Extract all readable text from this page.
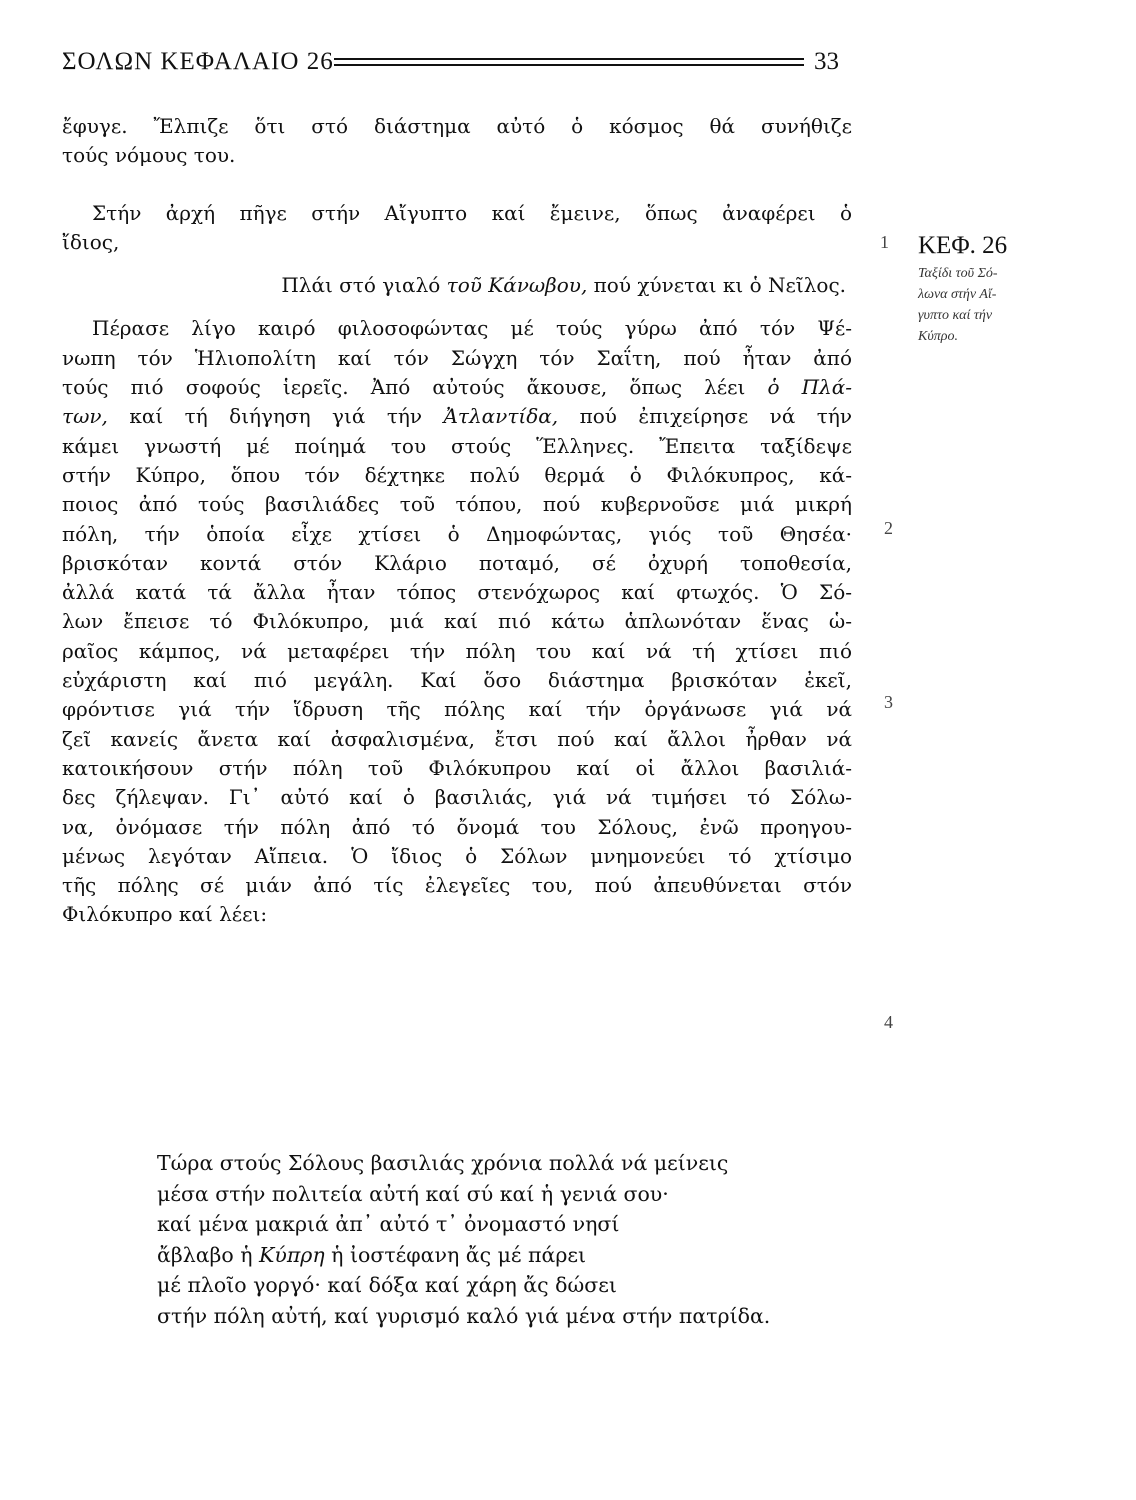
ΣΟΛΩΝ ΚΕΦΑΛΑΙΟ 26	33

ἔφυγε. Ἔλπιζε ὅτι στό διάστημα αὐτό ὁ κόσμος θά συνήθιζε
τούς νόμους του.

Στήν ἀρχή πῆγε στήν Αἴγυπτο καί ἔμεινε, ὅπως ἀναφέρει ὁ
ἴδιος,

Πλάι στό γιαλό τοῦ Κάνωβου, πού χύνεται κι ὁ Νεῖλος.

Πέρασε λίγο καιρό φιλοσοφώντας μέ τούς γύρω ἀπό τόν Ψέ-
νωπη τόν Ἡλιοπολίτη καί τόν Σώγχη τόν Σαΐτη, πού ἦταν ἀπό
τούς πιό σοφούς ἱερεῖς. Ἀπό αὐτούς ἄκουσε, ὅπως λέει ὁ Πλά-
των, καί τή διήγηση γιά τήν Ἀτλαντίδα, πού ἐπιχείρησε νά τήν
κάμει γνωστή μέ ποίημά του στούς Ἕλληνες. Ἔπειτα ταξίδεψε
στήν Κύπρο, ὅπου τόν δέχτηκε πολύ θερμά ὁ Φιλόκυπρος, κά-
ποιος ἀπό τούς βασιλιάδες τοῦ τόπου, πού κυβερνοῦσε μιά μικρή
πόλη, τήν ὁποία εἶχε χτίσει ὁ Δημοφώντας, γιός τοῦ Θησέα·
βρισκόταν κοντά στόν Κλάριο ποταμό, σέ ὀχυρή τοποθεσία,
ἀλλά κατά τά ἄλλα ἦταν τόπος στενόχωρος καί φτωχός. Ὁ Σό-
λων ἔπεισε τό Φιλόκυπρο, μιά καί πιό κάτω ἁπλωνόταν ἕνας ὡ-
ραῖος κάμπος, νά μεταφέρει τήν πόλη του καί νά τή χτίσει πιό
εὐχάριστη καί πιό μεγάλη. Καί ὅσο διάστημα βρισκόταν ἐκεῖ,
φρόντισε γιά τήν ἵδρυση τῆς πόλης καί τήν ὀργάνωσε γιά νά
ζεῖ κανείς ἄνετα καί ἀσφαλισμένα, ἔτσι πού καί ἄλλοι ἦρθαν νά
κατοικήσουν στήν πόλη τοῦ Φιλόκυπρου καί οἱ ἄλλοι βασιλιά-
δες ζήλεψαν. Γι᾽ αὐτό καί ὁ βασιλιάς, γιά νά τιμήσει τό Σόλω-
να, ὀνόμασε τήν πόλη ἀπό τό ὄνομά του Σόλους, ἐνῶ προηγου-
μένως λεγόταν Αἴπεια. Ὁ ἴδιος ὁ Σόλων μνημονεύει τό χτίσιμο
τῆς πόλης σέ μιάν ἀπό τίς ἐλεγεῖες του, πού ἀπευθύνεται στόν
Φιλόκυπρο καί λέει:

Τώρα στούς Σόλους βασιλιάς χρόνια πολλά νά μείνεις
μέσα στήν πολιτεία αὐτή καί σύ καί ἡ γενιά σου·
καί μένα μακριά ἀπ᾽ αὐτό τ᾽ ὀνομαστό νησί
ἄβλαβο ἡ Κύπρη ἡ ἰοστέφανη ἄς μέ πάρει
μέ πλοῖο γοργό· καί δόξα καί χάρη ἄς δώσει
στήν πόλη αὐτή, καί γυρισμό καλό γιά μένα στήν πατρίδα.
ΚΕΦ. 26
Ταξίδι τοῦ Σό-
λωνα στήν Αἴ-
γυπτο καί τήν
Κύπρο.
1
2
3
4
